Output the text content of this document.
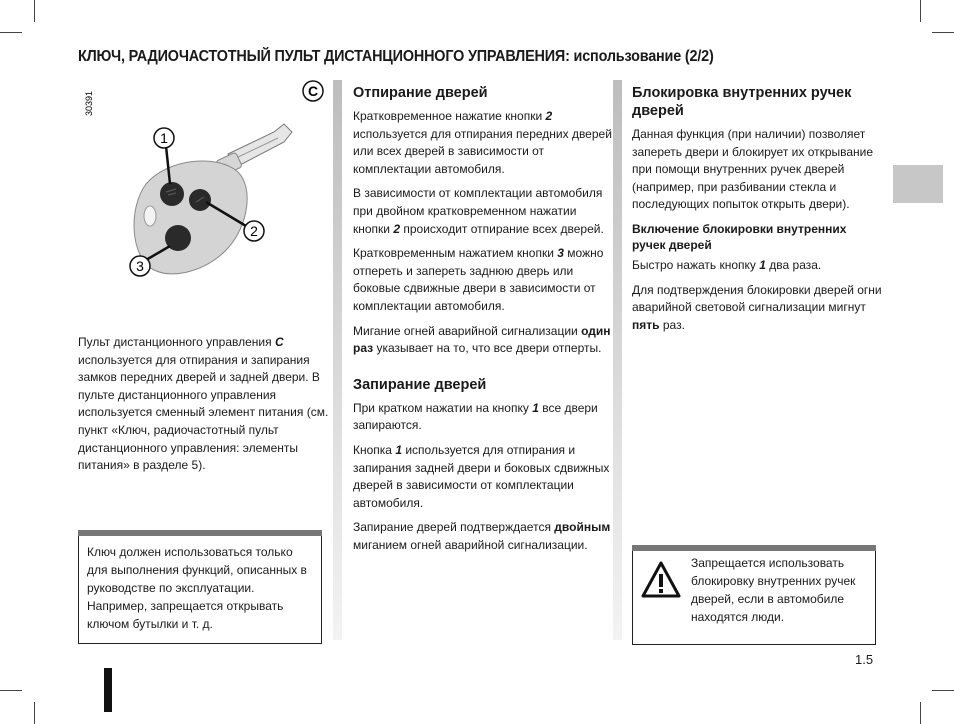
КЛЮЧ, РАДИОЧАСТОТНЫЙ ПУЛЬТ ДИСТАНЦИОННОГО УПРАВЛЕНИЯ: использование (2/2)
1
2
3
30391	C

Пульт дистанционного управления C используется для отпирания и запирания замков передних дверей и задней двери. В пульте дистанционного управления используется сменный элемент питания (см. пункт «Ключ, радиочастотный пульт дистанционного управления: элементы питания» в разделе 5).

Ключ должен использоваться только для выполнения функций, описанных в руководстве по эксплуатации. Например, запрещается открывать ключом бутылки и т. д.
Отпирание дверей

Кратковременное нажатие кнопки 2 используется для отпирания передних дверей или всех дверей в зависимости от комплектации автомобиля.

В зависимости от комплектации автомобиля при двойном кратковременном нажатии кнопки 2 происходит отпирание всех дверей.

Кратковременным нажатием кнопки 3 можно отпереть и запереть заднюю дверь или боковые сдвижные двери в зависимости от комплектации автомобиля.

Мигание огней аварийной сигнализации один раз указывает на то, что все двери отперты.

Запирание дверей

При кратком нажатии на кнопку 1 все двери запираются.

Кнопка 1 используется для отпирания и запирания задней двери и боковых сдвижных дверей в зависимости от комплектации автомобиля.

Запирание дверей подтверждается двойным миганием огней аварийной сигнализации.

Блокировка внутренних ручек дверей

Данная функция (при наличии) позволяет запереть двери и блокирует их открывание при помощи внутренних ручек дверей (например, при разбивании стекла и последующих попыток открыть двери).

Включение блокировки внутренних ручек дверей

Быстро нажать кнопку 1 два раза.

Для подтверждения блокировки дверей огни аварийной световой сигнализации мигнут пять раз.

Запрещается использовать блокировку внутренних ручек дверей, если в автомобиле находятся люди.
1.5
